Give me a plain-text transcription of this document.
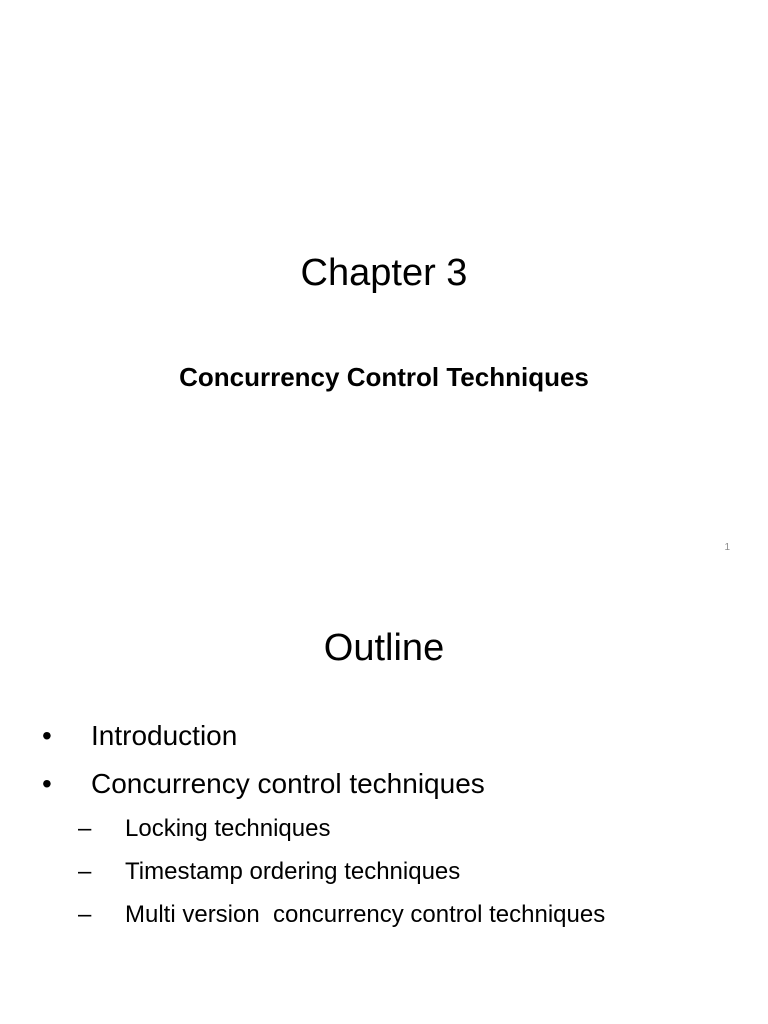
Chapter 3
Concurrency Control Techniques
1
Outline
• Introduction
• Concurrency control techniques
– Locking techniques
– Timestamp ordering techniques
– Multi version  concurrency control techniques
